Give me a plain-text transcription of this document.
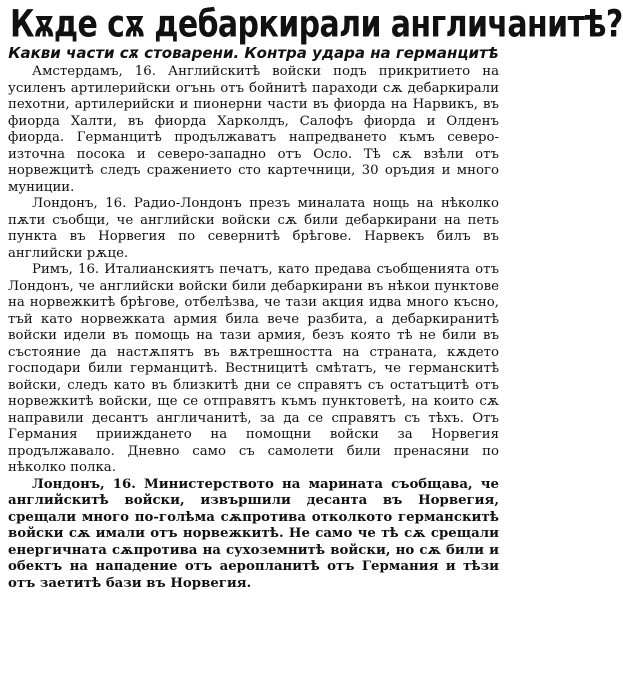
Кѫде сѫ дебаркирали англичанитѣ?
Какви части сѫ стоварени. Контра удара на германцитѣ

Амстердамъ, 16. Английскитѣ войски подъ прикритието на усиленъ артилерийски огънь отъ бойнитѣ параходи сѫ дебаркирали пехотни, артилерийски и пионерни части въ фиорда на Нарвикъ, въ фиорда Халти, въ фиорда Харколдъ, Салофъ фиорда и Олденъ фиорда. Германцитѣ продължаватъ напредването къмъ северо-източна посока и северо-западно отъ Осло. Тѣ сѫ взѣли отъ норвежцитѣ следъ сражението сто картечници, 30 оръдия и много муниции.

Лондонъ, 16. Радио-Лондонъ презъ миналата нощь на нѣколко пѫти съобщи, че английски войски сѫ били дебаркирани на петь пункта въ Норвегия по севернитѣ брѣгове. Нарвекъ билъ въ английски рѫце.

Римъ, 16. Италианскиятъ печатъ, като предава съобщенията отъ Лондонъ, че английски войски били дебаркирани въ нѣкои пунктове на норвежкитѣ брѣгове, отбелѣзва, че тази акция идва много късно, тъй като норвежката армия била вече разбита, а дебаркиранитѣ войски идели въ помощь на тази армия, безъ която тѣ не били въ състояние да настѫпятъ въ вѫтрешността на страната, кѫдето господари били германцитѣ. Вестницитѣ смѣтатъ, че германскитѣ войски, следъ като въ близкитѣ дни се справятъ съ остатъцитѣ отъ норвежкитѣ войски, ще се отправятъ къмъ пунктоветѣ, на които сѫ направили десантъ англичанитѣ, за да се справятъ съ тѣхъ. Отъ Германия прииждането на помощни войски за Норвегия продължавало. Дневно само съ самолети били пренасяни по нѣколко полка.

Лондонъ, 16. Министерството на марината съобщава, че английскитѣ войски, извършили десанта въ Норвегия, срещали много по-голѣма сѫпротива отколкото германскитѣ войски сѫ имали отъ норвежкитѣ. Не само че тѣ сѫ срещали енергичната сѫпротива на сухоземнитѣ войски, но сѫ били и обектъ на нападение отъ аеропланитѣ отъ Германия и тѣзи отъ заетитѣ бази въ Норвегия.
